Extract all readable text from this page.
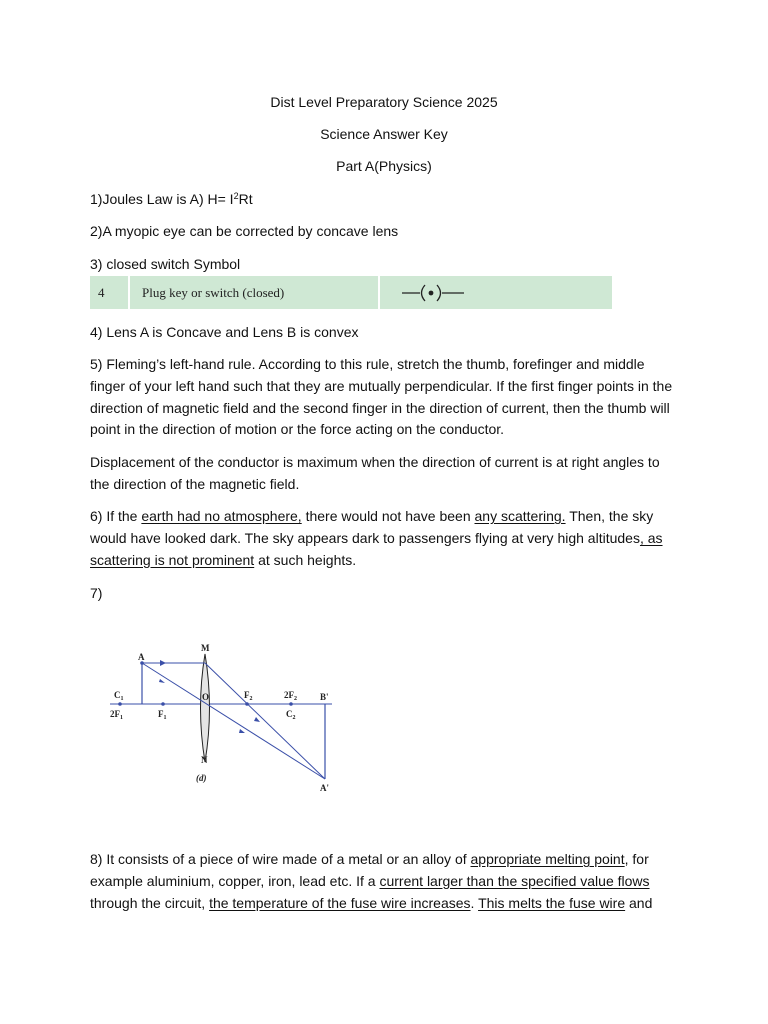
Dist Level Preparatory Science 2025
Science Answer Key
Part A(Physics)
1)Joules Law is A) $H= I^2Rt$
2)A myopic eye can be corrected by concave lens
3) closed switch Symbol
4	Plug key or switch (closed)
4) Lens A is Concave and Lens B is convex
5) Fleming’s left-hand rule. According to this rule, stretch the thumb, forefinger and middle finger of your left hand such that they are mutually perpendicular. If the first finger points in the direction of magnetic field and the second finger in the direction of current, then the thumb will point in the direction of motion or the force acting on the conductor.
Displacement of the conductor is maximum when the direction of current is at right angles to the direction of the magnetic field.
6) If the earth had no atmosphere, there would not have been any scattering. Then, the sky would have looked dark. The sky appears dark to passengers flying at very high altitudes, as scattering is not prominent at such heights.
7)
A
M
$C_1$
$2F_1$	$F_1$
O	$F_2$	$2F_2$
$C_2$
B'
N
(d)
A'
8) It consists of a piece of wire made of a metal or an alloy of appropriate melting point, for example aluminium, copper, iron, lead etc. If a current larger than the specified value flows through the circuit, the temperature of the fuse wire increases. This melts the fuse wire and
